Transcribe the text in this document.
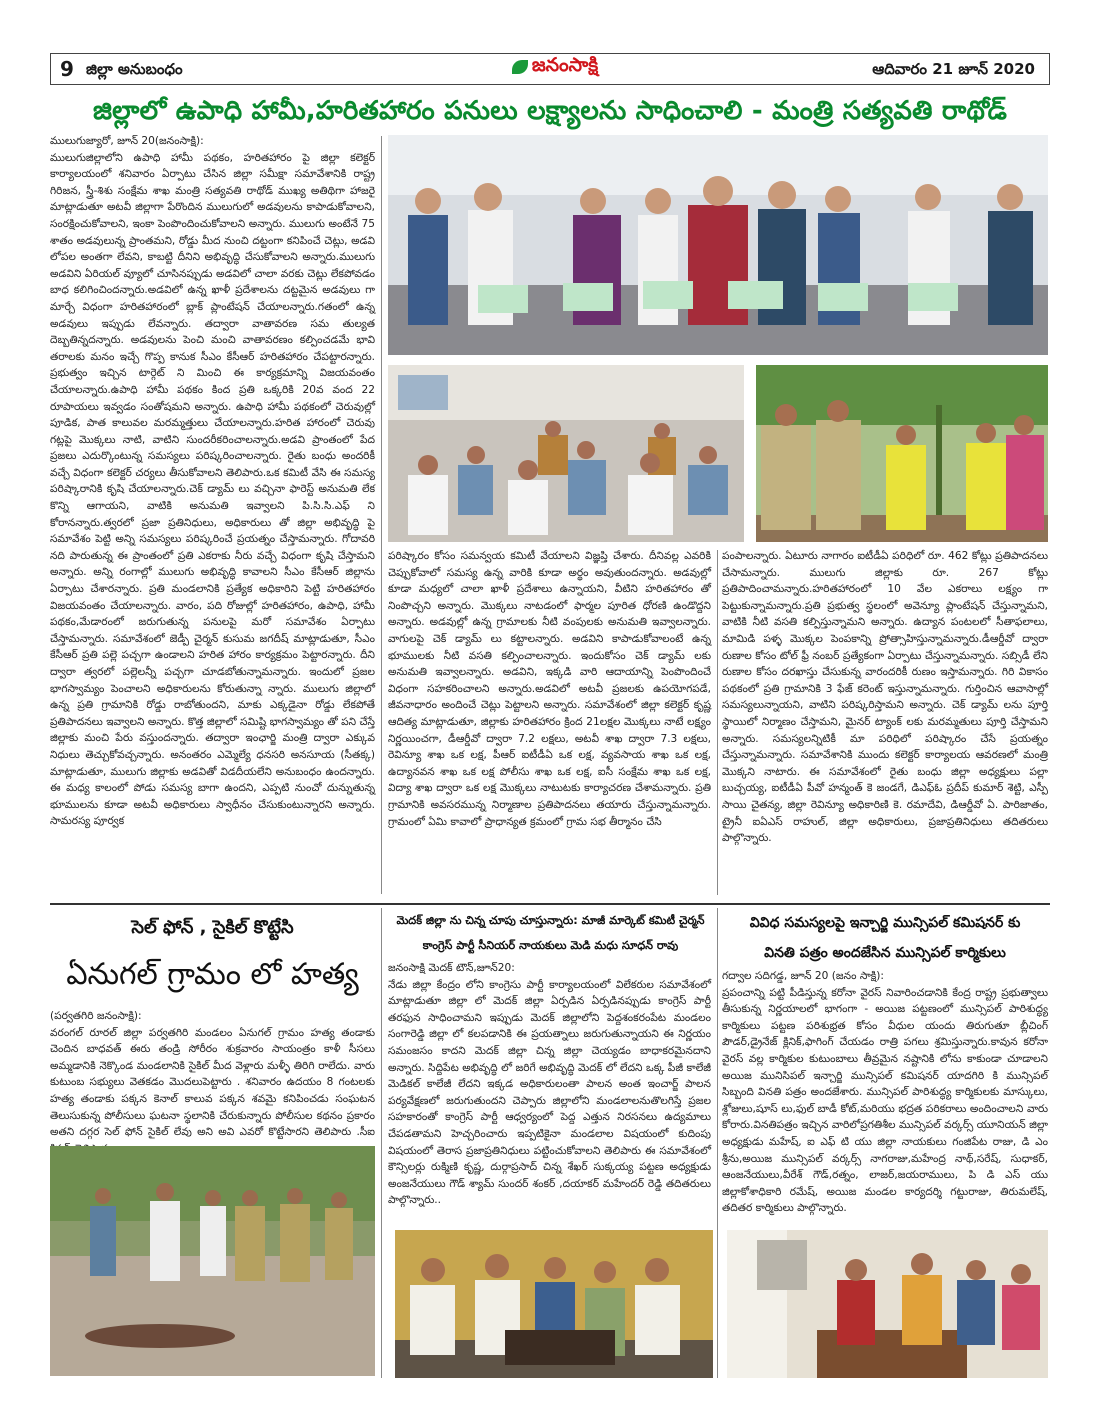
9 జిల్లా అనుబంధం	జనంసాక్షి	ఆదివారం 21 జూన్ 2020
జిల్లాలో ఉపాధి హామీ,హరితహారం పనులు లక్ష్యాలను సాధించాలి - మంత్రి సత్యవతి రాథోడ్

ములుగుజ్యారో, జూన్ 20(జనంసాక్షి):

ములుగుజిల్లాలోని ఉపాధి హామీ పథకం, హరితహారం పై జిల్లా కలెక్టర్ కార్యాలయంలో శనివారం ఏర్పాటు చేసిన జిల్లా సమీక్షా సమావేశానికి రాష్ట్ర గిరిజన, స్త్రీ-శిశు సంక్షేమ శాఖ మంత్రి సత్యవతి రాథోడ్ ముఖ్య అతిథిగా హాజరై మాట్లాడుతూ అటవీ జిల్లాగా పేరొందిన ములుగులో అడవులను కాపాడుకోవాలని, సంరక్షించుకోవాలని, ఇంకా పెంపొందించుకోవాలని అన్నారు. ములుగు అంటేనే 75 శాతం అడవులున్న ప్రాంతమని, రోడ్డు మీద నుంచి దట్టంగా కనిపించే చెట్లు, అడవి లోపల అంతగా లేవని, కాబట్టి దీనిని అభివృద్ధి చేసుకోవాలని అన్నారు.ములుగు అడవిని ఏరియల్ వ్యూలో చూసినప్పుడు అడవిలో చాలా వరకు చెట్లు లేకపోవడం బాధ కలిగించిందన్నారు.అడవిలో ఉన్న ఖాళీ ప్రదేశాలను దట్టమైన అడవులు గా మార్చే విధంగా హరితహారంలో బ్లాక్ ప్లాంటేషన్ చేయాలన్నారు.గతంలో ఉన్న అడవులు ఇప్పుడు లేవన్నారు. తద్వారా వాతావరణ సమ తుల్యత దెబ్బతిన్నదన్నారు. అడవులను పెంచి మంచి వాతావరణం కల్పించడమే భావి తరాలకు మనం ఇచ్చే గొప్ప కానుక సీఎం కేసీఆర్ హరితహారం చేపట్టారన్నారు. ప్రభుత్వం ఇచ్చిన టార్గెట్ ని మించి ఈ కార్యక్రమాన్ని విజయవంతం చేయాలన్నారు.ఉపాధి హామీ పథకం కింద ప్రతి ఒక్కరికి 20వ వంద 22 రూపాయలు ఇవ్వడం సంతోషమని అన్నారు. ఉపాధి హామీ పథకంలో చెరువుల్లో పూడిక, పాత కాలువల మరమ్మత్తులు చేయాలన్నారు.హరిత హారంలో చెరువు గట్లపై మొక్కలు నాటి, వాటిని సుందరీకరించాలన్నారు.అడవి ప్రాంతంలో పేద ప్రజలు ఎదుర్కొంటున్న సమస్యలు పరిష్కరించాలన్నారు. రైతు బంధు అందరికీ వచ్చే విధంగా కలెక్టర్ చర్యలు తీసుకోవాలని తెలిపారు.ఒక కమిటీ వేసి ఈ సమస్య పరిష్కారానికి కృషి చేయాలన్నారు.చెక్ డ్యామ్ లు వచ్చినా ఫారెస్ట్ అనుమతి లేక కొన్ని ఆగాయని, వాటికి అనుమతి ఇవ్వాలని పి.సి.సి.ఎఫ్ ని కోరానన్నారు.త్వరలో ప్రజా ప్రతినిధులు, అధికారులు తో జిల్లా అభివృద్ధి పై సమావేశం పెట్టి అన్ని సమస్యలు పరిష్కరించే ప్రయత్నం చేస్తామన్నారు. గోదావరి నది పారుతున్న ఈ ప్రాంతంలో ప్రతి ఎకరాకు నీరు వచ్చే విధంగా కృషి చేస్తామని అన్నారు. అన్ని రంగాల్లో ములుగు అభివృద్ధి కావాలని సీఎం కేసీఆర్ జిల్లాను ఏర్పాటు చేశారన్నారు. ప్రతి మండలానికి ప్రత్యేక అధికారిని పెట్టి హరితహారం విజయవంతం చేయాలన్నారు. వారం, పది రోజుల్లో హరితహారం, ఉపాధి, హామీ పథకం,మేడారంలో జరుగుతున్న పనులపై మరో సమావేశం ఏర్పాటు చేస్తామన్నారు. సమావేశంలో జెడ్పీ చైర్మన్ కుసుమ జగదీష్ మాట్లాడుతూ, సీఎం కేసీఆర్ ప్రతి పల్లె పచ్చగా ఉండాలని హరిత హారం కార్యక్రమం పెట్టారన్నారు. దీని ద్వారా త్వరలో పల్లెలన్నీ పచ్చగా చూడబోతున్నామన్నారు. ఇందులో ప్రజల భాగస్వామ్యం పెంచాలని అధికారులను కోరుతున్నా న్నారు. ములుగు జిల్లాలో ఉన్న ప్రతి గ్రామానికి రోడ్డు రాబోతుందని, మాకు ఎక్కడైనా రోడ్డు లేకపోతే ప్రతిపాదనలు ఇవ్వాలని అన్నారు. కొత్త జిల్లాలో సమిష్టి భాగస్వామ్యం తో పని చేస్తే జిల్లాకు మంచి పేరు వస్తుందన్నారు. తద్వారా ఇంఛార్జి మంత్రి ద్వారా ఎక్కువ నిధులు తెచ్చుకోవచ్చన్నారు. అనంతరం ఎమ్మెల్యే ధనసరి అనసూయ (సీతక్క) మాట్లాడుతూ, ములుగు జిల్లాకు అడవితో విడదీయలేని అనుబంధం ఉందన్నారు. ఈ మధ్య కాలంలో పోడు సమస్య బాగా ఉందని, ఎప్పటి నుంచో దున్నుతున్న భూములను కూడా అటవీ అధికారులు స్వాధీనం చేసుకుంటున్నారని అన్నారు. సామరస్య పూర్వక

పరిష్కారం కోసం సమన్వయ కమిటీ వేయాలని విజ్ఞప్తి చేశారు. దీనివల్ల ఎవరికి చెప్పుకోవాలో సమస్య ఉన్న వారికి కూడా అర్థం అవుతుందన్నారు. అడవుల్లో కూడా మధ్యలో చాలా ఖాళీ ప్రదేశాలు ఉన్నాయని, వీటిని హరితహారం తో నింపొచ్చని అన్నారు. మొక్కలు నాటడంలో ఫార్మల పూరిత ధోరణి ఉండొద్దని అన్నారు. అడవుల్లో ఉన్న గ్రామాలకు నీటి వంపులకు అనుమతి ఇవ్వాలన్నారు. వాగులపై చెక్ డ్యామ్ లు కట్టాలన్నారు. అడవిని కాపాడుకోవాలంటే ఉన్న భూములకు నీటి వసతి కల్పించాలన్నారు. ఇందుకోసం చెక్ డ్యామ్ లకు అనుమతి ఇవ్వాలన్నారు. అడవిని, ఇక్కడి వారి ఆదాయాన్ని పెంపొందించే విధంగా సహకరించాలని అన్నారు.అడవిలో అటవీ ప్రజలకు ఉపయోగపడే, జీవనాధారం అందించే చెట్లు పెట్టాలని అన్నారు. సమావేశంలో జిల్లా కలెక్టర్ కృష్ణ ఆదిత్య మాట్లాడుతూ, జిల్లాకు హరితహారం క్రింద 21లక్షల మొక్కలు నాటే లక్ష్యం నిర్ణయించగా, డీఆర్డీవో ద్వారా 7.2 లక్షలు, అటవీ శాఖ ద్వారా 7.3 లక్షలు, రెవిన్యూ శాఖ ఒక లక్ష, పీఆర్ ఐటీడీఏ ఒక లక్ష, వ్యవసాయ శాఖ ఒక లక్ష, ఉద్యానవన శాఖ ఒక లక్ష పోలీసు శాఖ ఒక లక్ష, ఐసీ సంక్షేమ శాఖ ఒక లక్ష, విద్యా శాఖ ద్వారా ఒక లక్ష మొక్కలు నాటుటకు కార్యాచరణ చేశామన్నారు. ప్రతి గ్రామానికి అవసరమున్న నిర్మాణాల ప్రతిపాదనలు తయారు చేస్తున్నామన్నారు. గ్రామంలో ఏమి కావాలో ప్రాధాన్యత క్రమంలో గ్రామ సభ తీర్మానం చేసి

పంపాలన్నారు. ఏటూరు నాగారం ఐటీడీఏ పరిధిలో రూ. 462 కోట్లు ప్రతిపాదనలు చేసామన్నారు. ములుగు జిల్లాకు రూ. 267 కోట్లు ప్రతిపాదించామన్నారు.హరితహారంలో 10 వేల ఎకరాలు లక్ష్యం గా పెట్టుకున్నామన్నారు.ప్రతి ప్రభుత్వ స్థలంలో అవెన్యూ ప్లాంటేషన్ చేస్తున్నామని, వాటికి నీటి వసతి కల్పిస్తున్నామని అన్నారు. ఉద్యాన పంటలలో సీతాఫలాలు, మామిడి పళ్ళ మొక్కల పెంపకాన్ని ప్రోత్సాహిస్తున్నామన్నారు.డీఆర్డీవో ద్వారా రుణాల కోసం టోల్ ఫ్రీ నంబర్ ప్రత్యేకంగా ఏర్పాటు చేస్తున్నామన్నారు. సబ్సిడీ లేని రుణాల కోసం దరఖాస్తు చేసుకున్న వారందరికీ రుణం ఇస్తామన్నారు. గిరి వికాసం పథకంలో ప్రతి గ్రామానికి 3 ఫేజ్ కరెంట్ ఇస్తున్నామన్నారు. గుర్తించిన ఆవాసాల్లో సమస్యలున్నాయని, వాటిని పరిష్కరిస్తామని అన్నారు. చెక్ డ్యామ్ లను పూర్తి స్థాయిలో నిర్మాణం చేస్తామని, మైనర్ ట్యాంక్ లకు మరమ్మతులు పూర్తి చేస్తామని అన్నారు. సమస్యలన్నిటికీ మా పరిధిలో పరిష్కారం చేసే ప్రయత్నం చేస్తున్నామన్నారు. సమావేశానికి ముందు కలెక్టర్ కార్యాలయ ఆవరణలో మంత్రి మొక్కని నాటారు. ఈ సమావేశంలో రైతు బంధు జిల్లా అధ్యక్షులు పల్లా బుచ్చయ్య, ఐటీడీఏ పీవో హన్మంత్ కె జండగే, డిఎఫ్ఓ ప్రదీప్ కుమార్ శెట్టి, ఎస్పీ సాయి చైతన్య, జిల్లా రెవిన్యూ అధికారిణి కె. రమాదేవి, డిఆర్డీవో ఏ. పారిజాతం, ట్రైనీ ఐఏఎస్ రాహుల్, జిల్లా అధికారులు, ప్రజాప్రతినిధులు తదితరులు పాల్గొన్నారు.

సెల్ ఫోన్ , సైకిల్ కొట్టేసి
ఏనుగల్ గ్రామం లో హత్య

(పర్వతగిరి జనంసాక్షి):

వరంగల్ రూరల్ జిల్లా పర్వతగిరి మండలం ఏనుగల్ గ్రామం హత్య తండాకు చెందిన బాధవత్ ఈరు తండ్రి సోరీరం శుక్రవారం సాయంత్రం కాళీ సీసలు అమ్మడానికి నెక్కొండ మండలానికి సైకిల్ మీద వెళ్లారు మళ్ళీ తిరిగి రాలేదు. వారు కుటుంబ సభ్యులు వెతకడం మొదలుపెట్టారు . శనివారం ఉదయం 8 గంటలకు హత్య తండాకు పక్కన కెనాల్ కాలువ పక్కన శవమై కనిపించడు సంఘటన తెలుసుకున్న పోలీసులు ఘటనా స్థలానికి చేరుకున్నారు పోలీసుల కథనం ప్రకారం అతని దగ్గర సెల్ ఫోన్ సైకిల్ లేవు అని అవి ఎవరో కొట్టేసారని తెలిపారు .సీఐ

మెదక్ జిల్లా ను చిన్న చూపు చూస్తున్నారు: మాజీ మార్కెట్ కమిటీ చైర్మన్
కాంగ్రెస్ పార్టీ సీనియర్ నాయకులు మెడి మధు సూధన్ రావు

జనంసాక్షి మెదక్ టౌన్,జూన్20:

నేడు జిల్లా కేంద్రం లోని కాంగ్రెసు పార్టీ కార్యాలయంలో విలేకరుల సమావేశంలో మాట్లాడుతూ జిల్లా లో మెదక్ జిల్లా ఏర్పడిన ఏర్పడినప్పుడు కాంగ్రెస్ పార్టీ తరఫున సాధించామని ఇప్పుడు మెదక్ జిల్లాలోని పెద్దశంకరంపేట మండలం సంగారెడ్డి జిల్లా లో కలపడానికి ఈ ప్రయత్నాలు జరుగుతున్నాయని ఈ నిర్ణయం సమంజసం కాదని మెదక్ జిల్లా చిన్న జిల్లా చెయ్యడం బాధాకరమైనదాని అన్నారు. సిద్దిపేట అభివృద్ధి లో జరిగే అభివృద్ధి మెదక్ లో లేదని ఒక్క పీజీ కాలేజీ మెడికల్ కాలేజీ లేదని ఇక్కడ అధికారులంతా పాలన అంత ఇంచార్జ్ పాలన పర్యవేక్షణలో జరుగుతుందని చెప్పారు జిల్లాలోని మండలాలనుతొలగిస్తే ప్రజల సహకారంతో కాంగ్రెస్ పార్టీ ఆధ్వర్యంలో పెద్ద ఎత్తున నిరసనలు ఉద్యమాలు చేపడతామని హెచ్చరించారు ఇప్పటికైనా మండలాల విషయంలో కుదింపు విషయంలో తెరాస ప్రజాప్రతినిధులు పట్టించుకోవాలని తెలిపారు ఈ సమావేశంలో కౌన్సిలర్లు రుక్మిణి కృష్ణ, దుర్గాప్రసాద్ చిన్న శేఖర్ సుక్కయ్య పట్టణ అధ్యక్షుడు అంజనేయులు గౌడ్ శ్యామ్ సుందర్ శంకర్ ,దయాకర్ మహేందర్ రెడ్డి తదితరులు పాల్గొన్నారు..

వివిధ సమస్యలపై ఇన్చార్జి మున్సిపల్ కమిషనర్ కు
వినతి పత్రం అందజేసిన మున్సిపల్ కార్మికులు

గద్వాల సదిగడ్డ, జూన్ 20 (జనం సాక్షి):

ప్రపంచాన్ని పట్టి పీడిస్తున్న కరోనా వైరస్ నివారించడానికి కేంద్ర రాష్ట్ర ప్రభుత్వాలు తీసుకున్న నిర్ణయాలలో భాగంగా - అయిజ పట్టణంలో మున్సిపల్ పారిశుద్ధ్య కార్మికులు పట్టణ పరిశుభ్రత కోసం వీధుల యందు తిరుగుతూ బ్లీచింగ్ పౌడర్,డ్రైనేజ్ క్లినిక్,ఫాగింగ్ చేయడం రాత్రి పగలు శ్రమిస్తున్నారు.కావున కరోనా వైరస్ వల్ల కార్మికుల కుటుంబాలు తీవ్రమైన నష్టానికి లోను కాకుండా చూడాలని అయిజ మునిసిపల్ ఇన్చార్జి మున్సిపల్ కమిషనర్ యాదగిరి కి మున్సిపల్ సిబ్బంది వినతి పత్రం అందజేశారు. మున్సిపల్ పారిశుద్ధ్య కార్మికులకు మాస్కులు, శ్లోజులు,షూస్ లు,ఫుల్ బాడీ కోట్,మరియు భద్రత పరికరాలు అందించాలని వారు కోరారు.వినతిపత్రం ఇచ్చిన వారిలోప్రగతిశీల మున్సిపల్ వర్కర్స్ యూనియన్ జిల్లా అధ్యక్షుడు మహేష్, ఐ ఎఫ్ టి యు జిల్లా నాయకులు గంజిపేట రాజు, డి ఎం శ్రీను,అయిజ మున్సిపల్ వర్కర్స్ నాగరాజు,మహేంద్ర నాథ్,సరేష్, సుధాకర్, ఆంజనేయులు,వీరేశ్ గౌడ్,రత్నం, లాజర్,జయరాములు, పి డి ఎస్ యు జిల్లాకోశాధికారి రమేష్, అయిజ మండల కార్యదర్శి గట్టురాజు, తిరుమలేష్, తదితర కార్మికులు పాల్గొన్నారు.
